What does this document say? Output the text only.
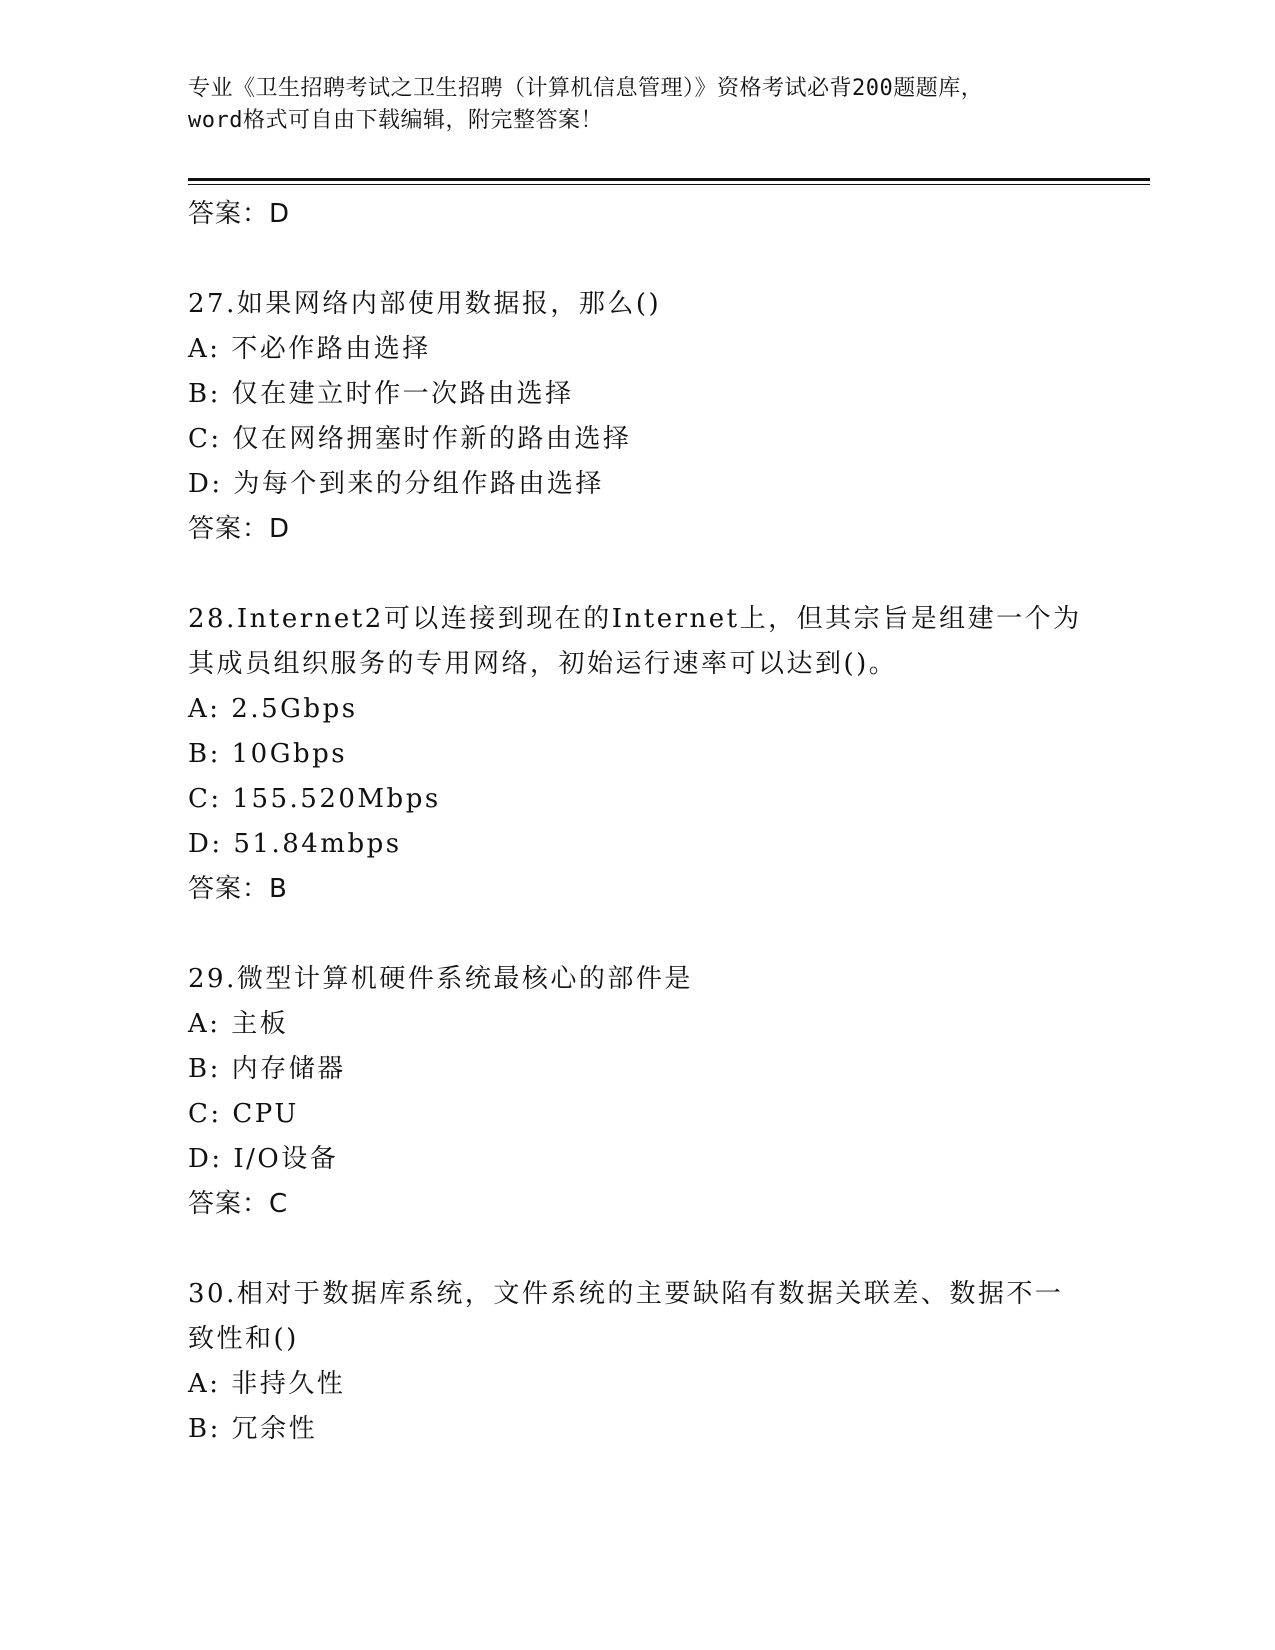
专业《卫生招聘考试之卫生招聘（计算机信息管理）》资格考试必背200题题库，
word格式可自由下载编辑，附完整答案！
答案：D
27.如果网络内部使用数据报，那么()
A: 不必作路由选择
B: 仅在建立时作一次路由选择
C: 仅在网络拥塞时作新的路由选择
D: 为每个到来的分组作路由选择
答案：D
28.Internet2可以连接到现在的Internet上，但其宗旨是组建一个为
其成员组织服务的专用网络，初始运行速率可以达到()。
A: 2.5Gbps
B: 10Gbps
C: 155.520Mbps
D: 51.84mbps
答案：B
29.微型计算机硬件系统最核心的部件是
A: 主板
B: 内存储器
C: CPU
D: I/O设备
答案：C
30.相对于数据库系统，文件系统的主要缺陷有数据关联差、数据不一
致性和()
A: 非持久性
B: 冗余性
